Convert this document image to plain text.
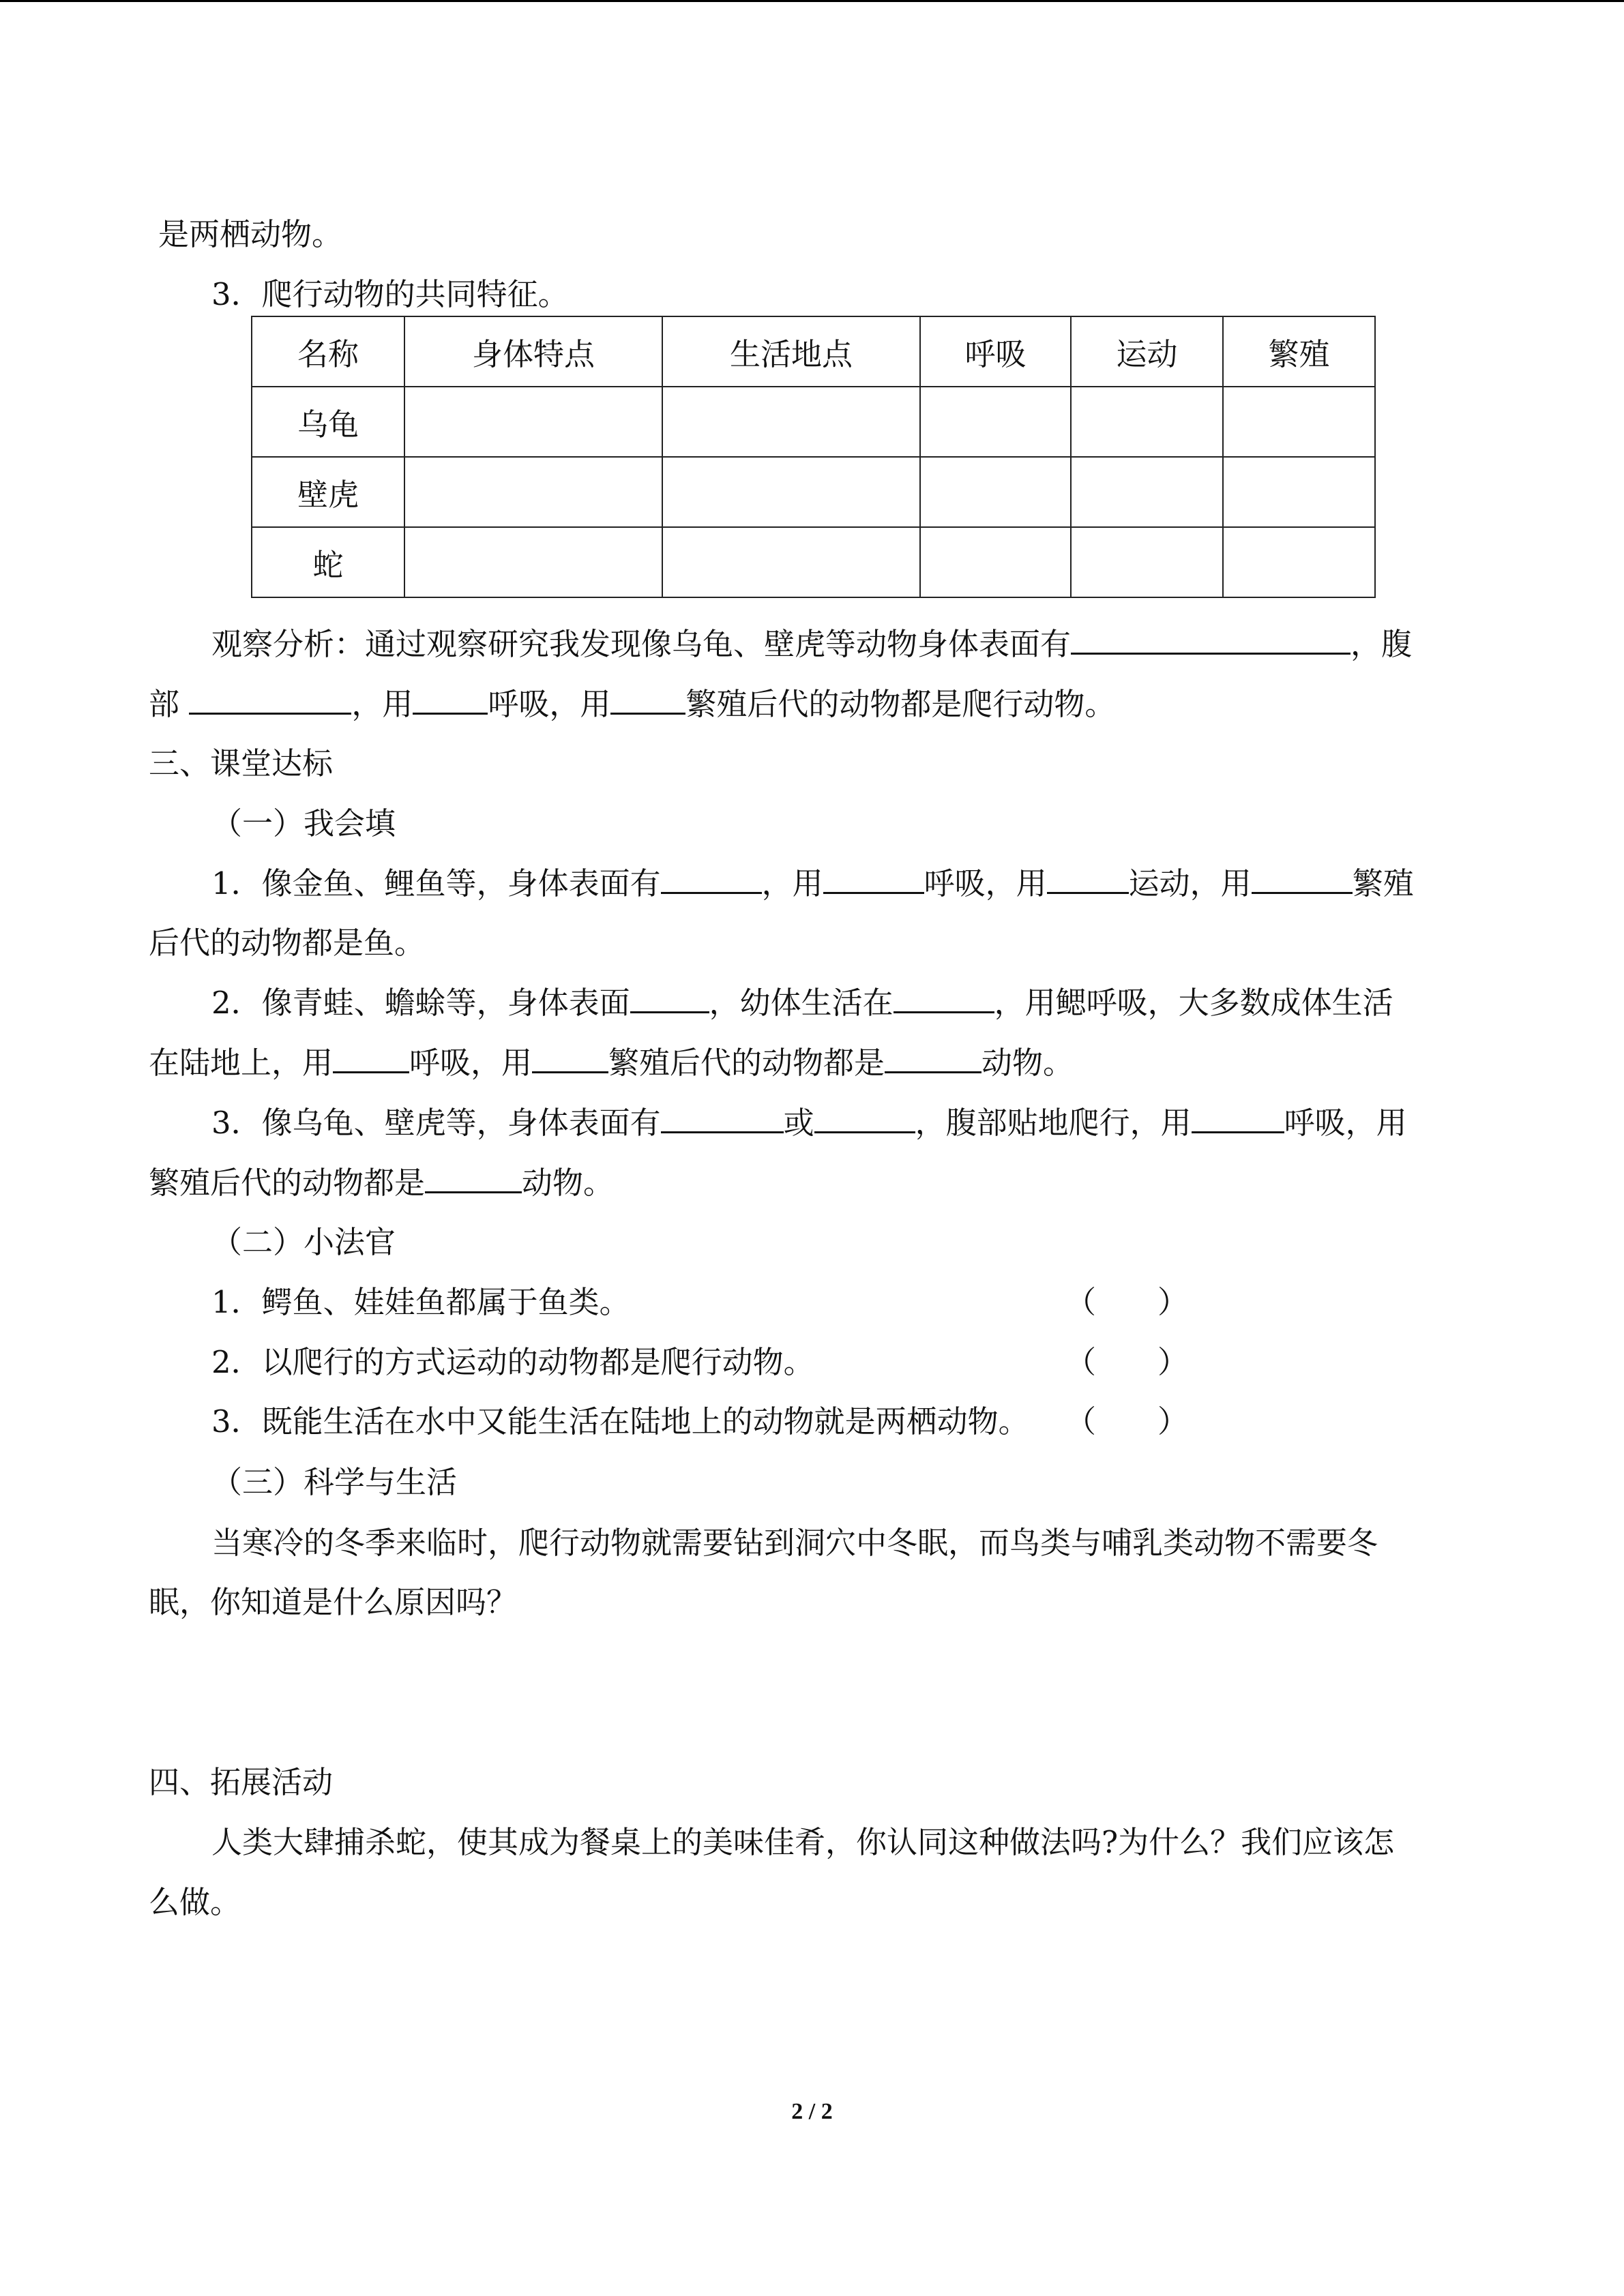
是两栖动物。
3．爬行动物的共同特征。
名称	身体特点	生活地点	呼吸	运动	繁殖
乌龟					
壁虎					
蛇					
观察分析：通过观察研究我发现像乌龟、壁虎等动物身体表面有	，腹
部	，用 呼吸，用 繁殖后代的动物都是爬行动物。
三、课堂达标
（一）我会填
1．像金鱼、鲤鱼等，身体表面有	，用	呼吸，用	运动，用	繁殖
后代的动物都是鱼。
2．像青蛙、蟾蜍等，身体表面	，幼体生活在	，用鳃呼吸，大多数成体生活
在陆地上，用 呼吸，用 繁殖后代的动物都是	动物。
3．像乌龟、壁虎等，身体表面有	或	，腹部贴地爬行，用	呼吸，用
繁殖后代的动物都是	动物。
（二）小法官
1．鳄鱼、娃娃鱼都属于鱼类。	（　　）
2．以爬行的方式运动的动物都是爬行动物。	（　　）
3．既能生活在水中又能生活在陆地上的动物就是两栖动物。 （　　）
（三）科学与生活
当寒冷的冬季来临时，爬行动物就需要钻到洞穴中冬眠，而鸟类与哺乳类动物不需要冬
眠，你知道是什么原因吗？
四、拓展活动
人类大肆捕杀蛇，使其成为餐桌上的美味佳肴，你认同这种做法吗?为什么？我们应该怎
么做。
2 / 2
